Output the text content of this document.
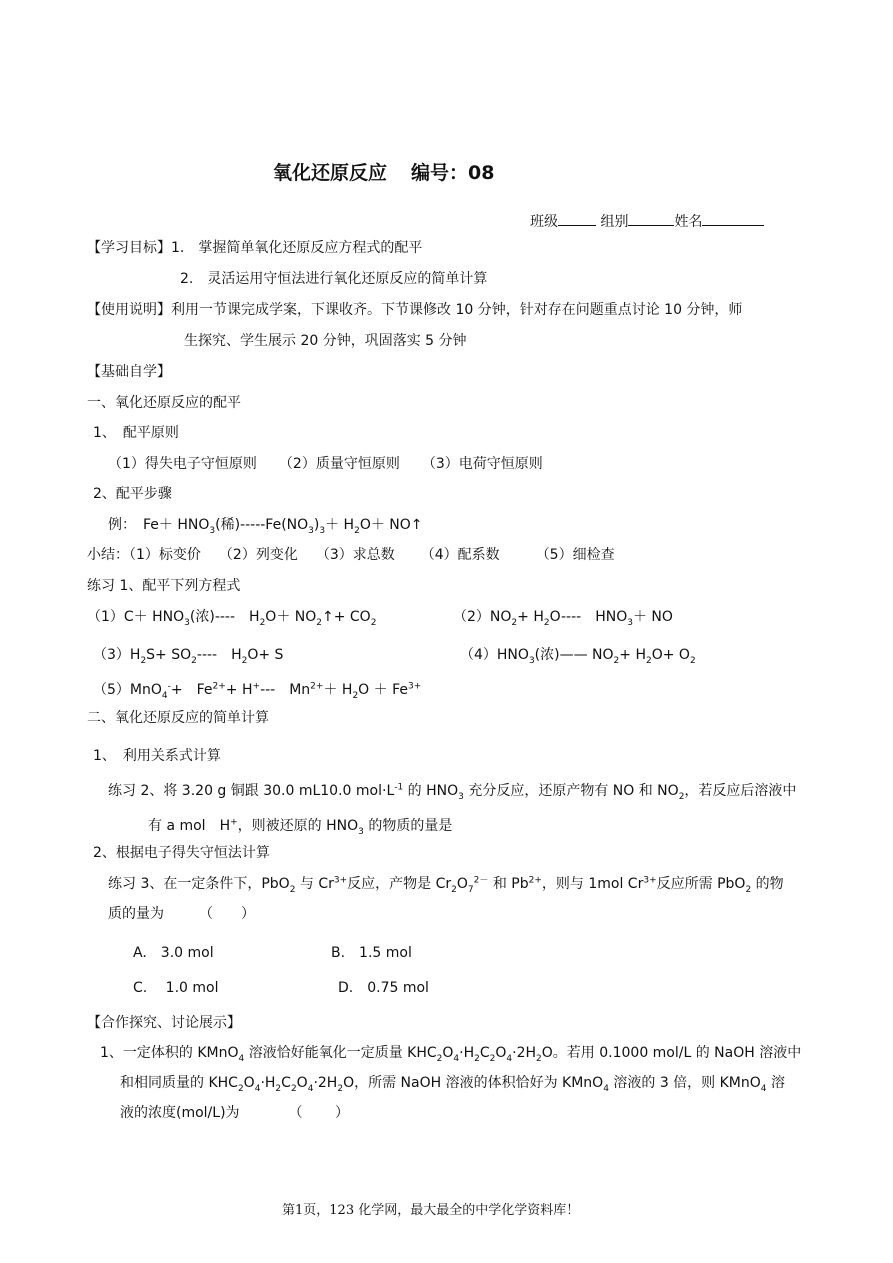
氧化还原反应 编号：08
班级	组别	姓名
【学习目标】1.　掌握简单氧化还原反应方程式的配平
2.　灵活运用守恒法进行氧化还原反应的简单计算
【使用说明】利用一节课完成学案，下课收齐。下节课修改 10 分钟，针对存在问题重点讨论 10 分钟，师
生探究、学生展示 20 分钟，巩固落实 5 分钟
【基础自学】
一、氧化还原反应的配平
1、　配平原则
（1）得失电子守恒原则 （2）质量守恒原则 （3）电荷守恒原则
2、配平步骤
例：　$Fe+ HNO_3$(稀)$-----Fe(NO_3)_3+ H_2O+$ NO↑
小结：（1）标变价 （2）列变化 （3）求总数 （4）配系数	（5）细检查
练习 1、配平下列方程式
$(1)C+ HNO_3$(浓)----　$H_2O+$ $NO_2↑+ CO_2$	$(2)NO_2+ H_2O----$　$HNO_3+$ NO
$(3)H_2S+ SO_2----$　$H_2O+ S$	$(4)HNO_3$(浓)—— $NO_2+ H_2O+ O_2$
（5）MnO$_4$-+　$Fe^{2+}+ H^+---$　$Mn^{2+}+ H_2O + Fe^{3+}$
二、氧化还原反应的简单计算
1、　利用关系式计算
练习 2、将 3.20 g 铜跟 30.0 mL10.0 $mol\cdot L^{-1}$ 的 $HNO_3$ 充分反应，还原产物有 NO 和 $NO_2$，若反应后溶液中
有 a mol　H+，则被还原的 $HNO_3$ 的物质的量是
2、根据电子得失守恒法计算
练习 3、在一定条件下，PbO$_2$ 与 $Cr^{3+}$反应，产物是 $Cr_2O_7^{2-}$ 和 $Pb^{2+}$，则与 1mol $Cr^{3+}$反应所需 PbO$_2$ 的物
质的量为　　　（　　）
A.　3.0 mol	B.　1.5 mol
C.　 1.0 mol	D.　0.75 mol
【合作探究、讨论展示】
1、一定体积的 KMnO$_4$ 溶液恰好能氧化一定质量 $KHC_2O_4\cdot H_2C_2O_4\cdot 2H_2O$。若用 0.1000 mol/L 的 NaOH 溶液中
和相同质量的 $KHC_2O_4\cdot H_2C_2O_4\cdot 2H_2O$，所需 NaOH 溶液的体积恰好为 KMnO$_4$ 溶液的 3 倍，则 KMnO$_4$ 溶
液的浓度(mol/L)为　　　　（　　 ）
第1页，123 化学网，最大最全的中学化学资料库！
